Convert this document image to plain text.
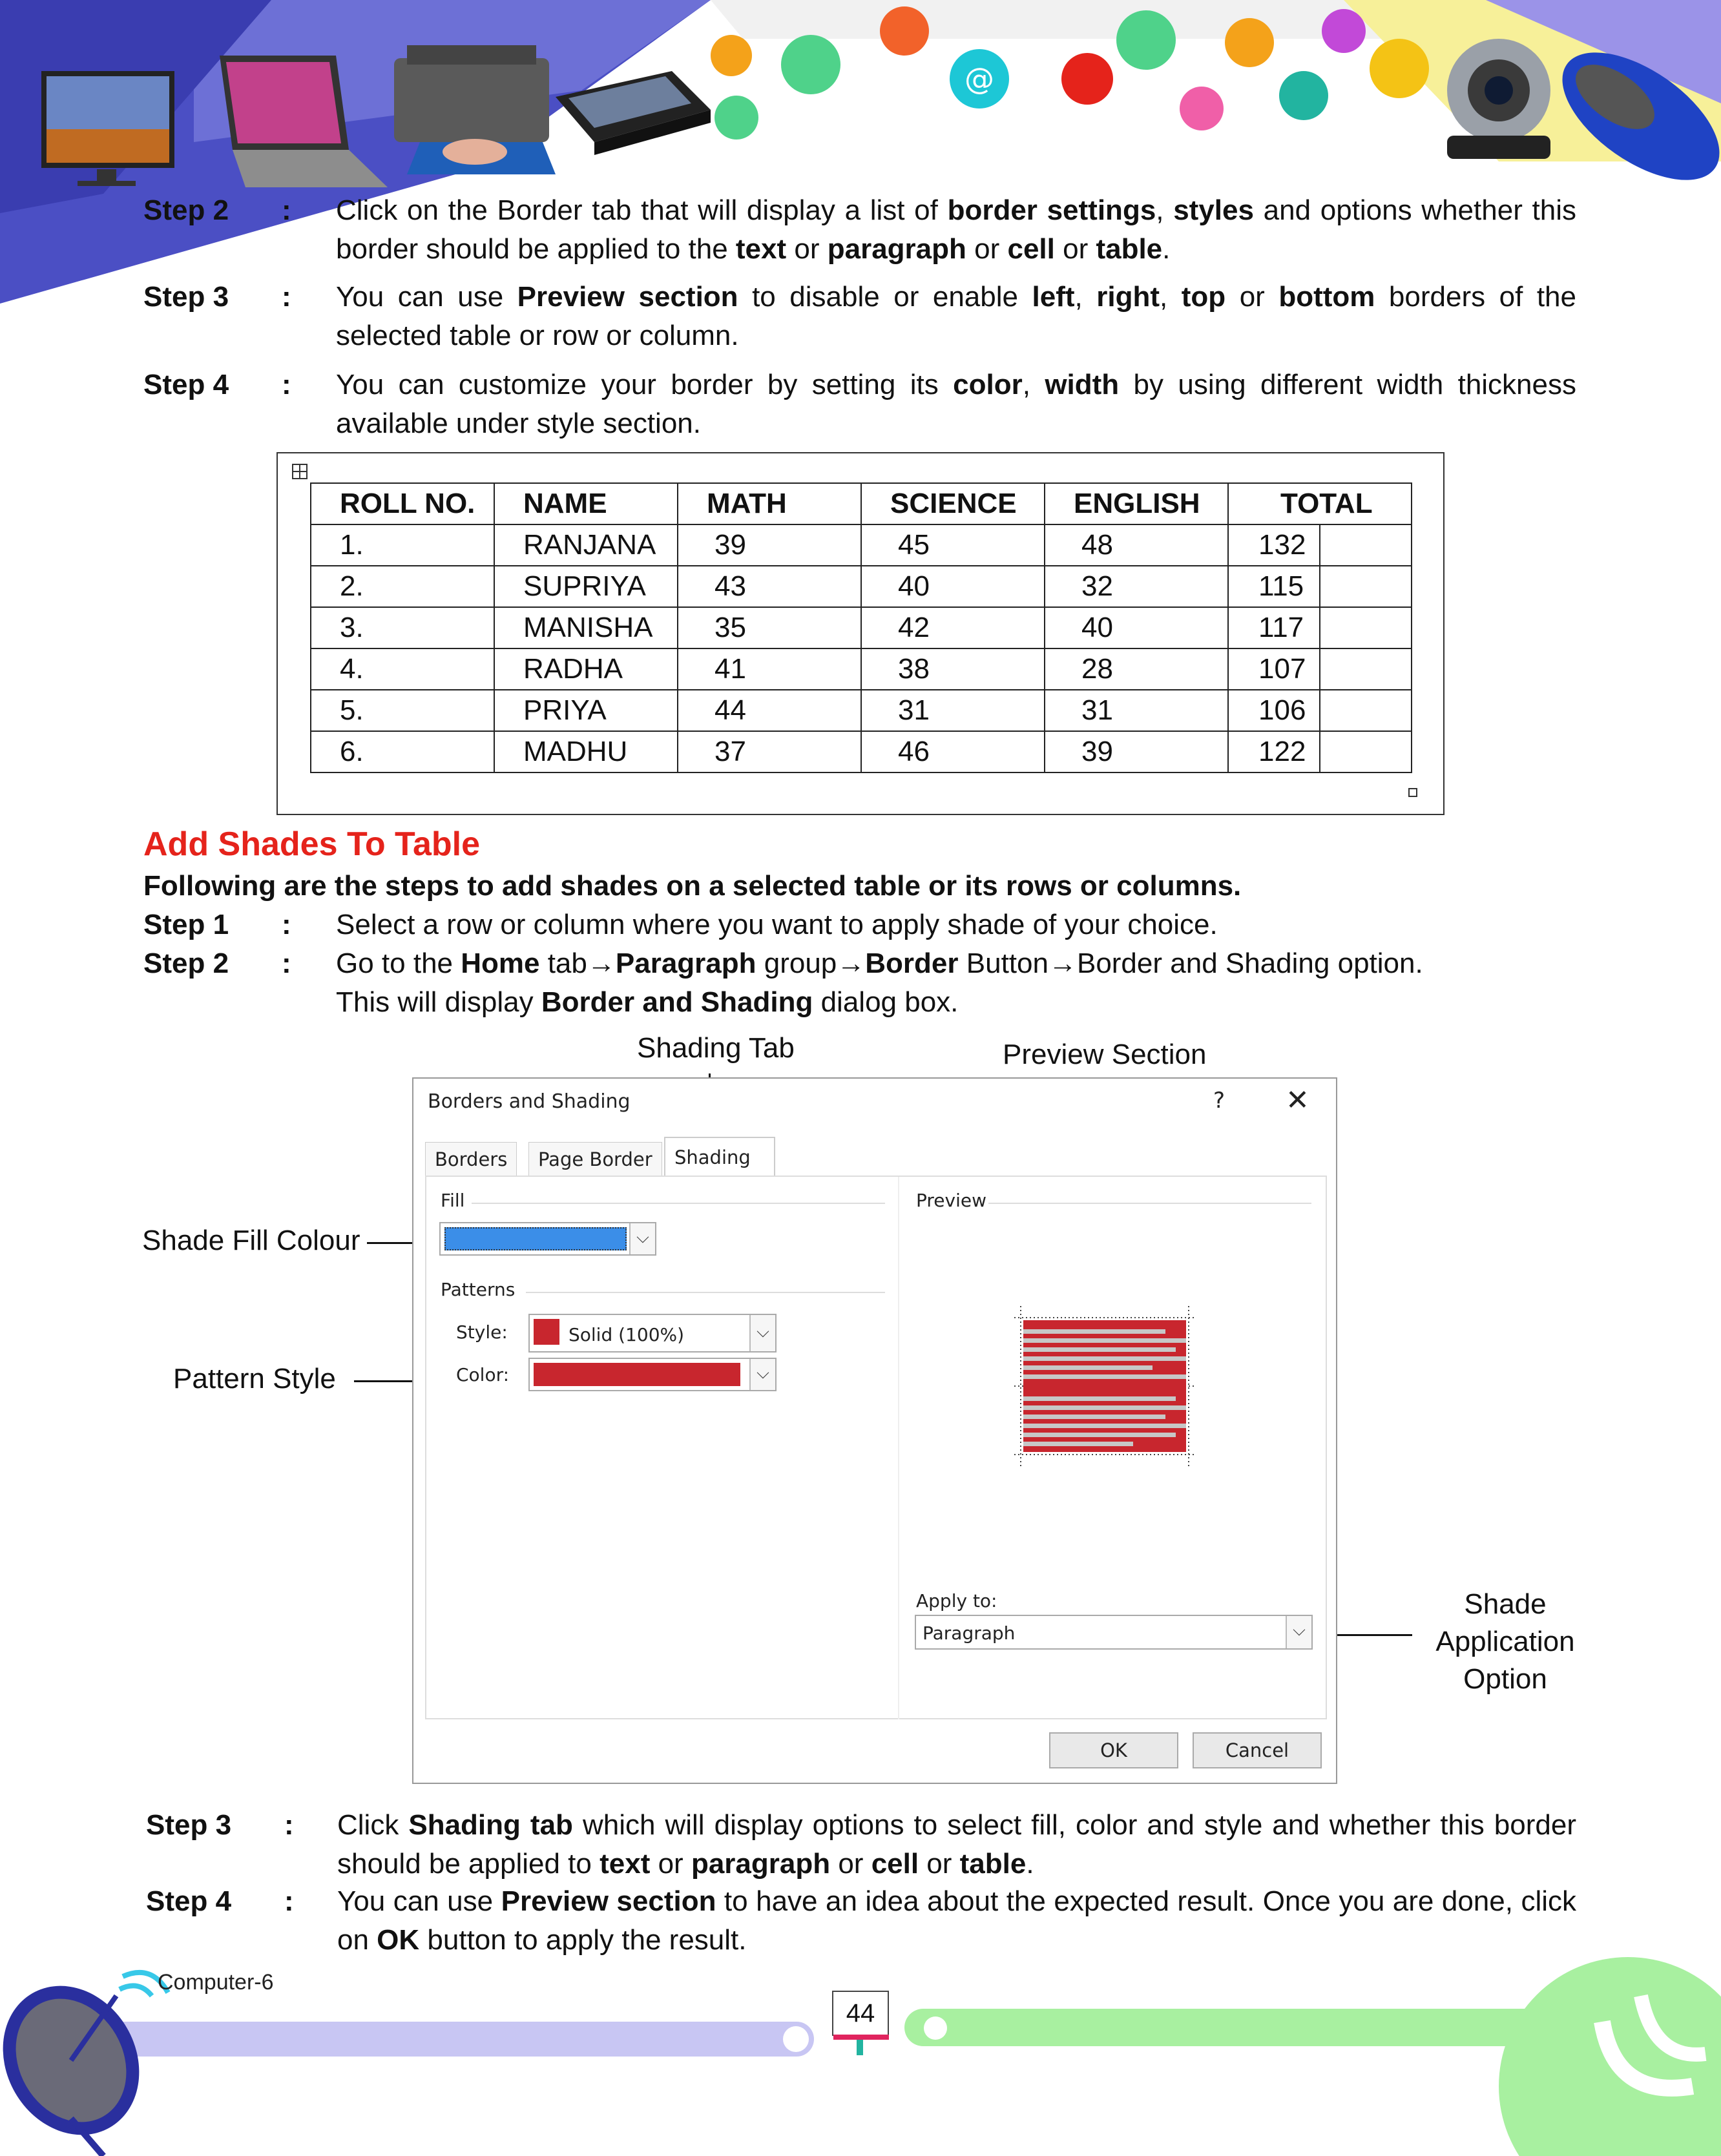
@
Step 2 : Click on the Border tab that will display a list of border settings, styles and options whether this border should be applied to the text or paragraph or cell or table.
Step 3 : You can use Preview section to disable or enable left, right, top or bottom borders of the selected table or row or column.
Step 4 : You can customize your border by setting its color, width by using different width thickness available under style section.
ROLL NO.	NAME	MATH	SCIENCE	ENGLISH	TOTAL
1.	RANJANA	39	45	48	132

2.	SUPRIYA	43	40	32	115

3.	MANISHA	35	42	40	117

4.	RADHA	41	38	28	107

5.	PRIYA	44	31	31	106

6.	MADHU	37	46	39	122
Add Shades To Table
Following are the steps to add shades on a selected table or its rows or columns.
Step 1 : Select a row or column where you want to apply shade of your choice.
Step 2 : Go to the Home tab→Paragraph group→Border Button→Border and Shading option.
This will display Border and Shading dialog box.
Shading Tab	Preview Section
Shade Fill Colour
Pattern Style
Shade
Application
Option
Borders and Shading	? ✕
Borders	Page Border	Shading
Fill
⌵
Patterns
Style:	Solid (100%)	⌵
Color:	⌵
Preview
Apply to:
Paragraph	⌵
OK	Cancel
Step 3 : Click Shading tab which will display options to select fill, color and style and whether this border should be applied to text or paragraph or cell or table.
Step 4 : You can use Preview section to have an idea about the expected result. Once you are done, click on OK button to apply the result.
Computer-6
44
